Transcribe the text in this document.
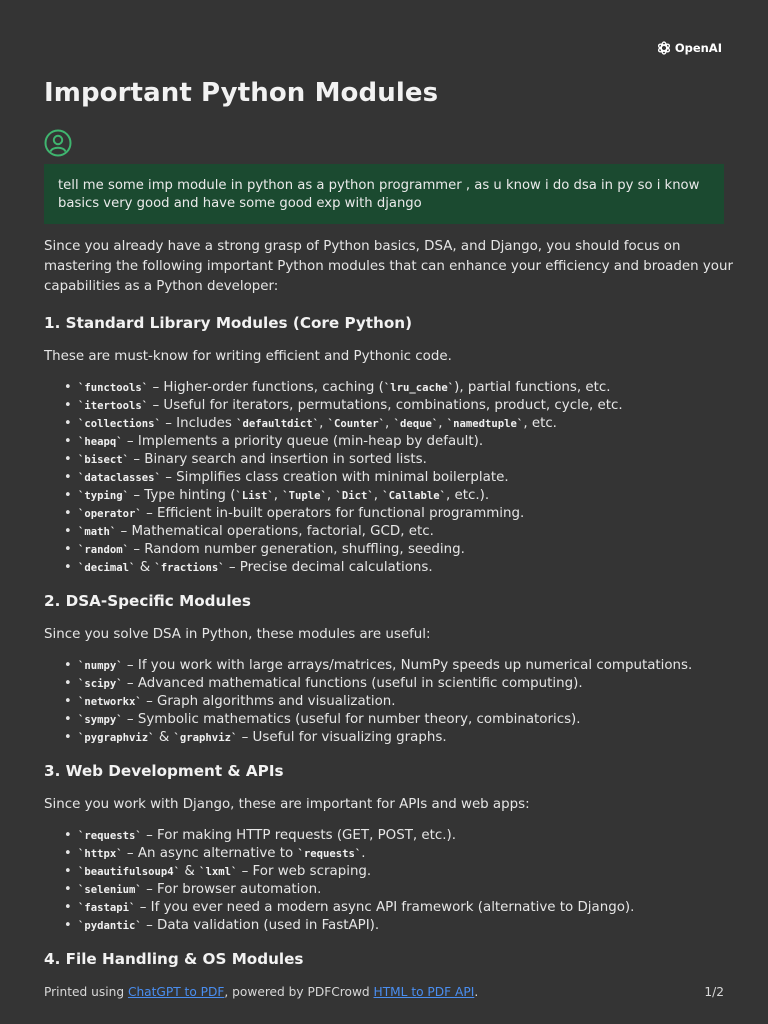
OpenAI
Important Python Modules
tell me some imp module in python as a python programmer , as u know i do dsa in py so i know basics very good and have some good exp with django

Since you already have a strong grasp of Python basics, DSA, and Django, you should focus on mastering the following important Python modules that can enhance your efficiency and broaden your capabilities as a Python developer:

1. Standard Library Modules (Core Python)

These are must-know for writing efficient and Pythonic code.

• `functools` – Higher-order functions, caching (`lru_cache`), partial functions, etc.
• `itertools` – Useful for iterators, permutations, combinations, product, cycle, etc.
• `collections` – Includes `defaultdict`, `Counter`, `deque`, `namedtuple`, etc.
• `heapq` – Implements a priority queue (min-heap by default).
• `bisect` – Binary search and insertion in sorted lists.
• `dataclasses` – Simplifies class creation with minimal boilerplate.
• `typing` – Type hinting (`List`, `Tuple`, `Dict`, `Callable`, etc.).
• `operator` – Efficient in-built operators for functional programming.
• `math` – Mathematical operations, factorial, GCD, etc.
• `random` – Random number generation, shuffling, seeding.
• `decimal` & `fractions` – Precise decimal calculations.
2. DSA-Specific Modules

Since you solve DSA in Python, these modules are useful:

• `numpy` – If you work with large arrays/matrices, NumPy speeds up numerical computations.
• `scipy` – Advanced mathematical functions (useful in scientific computing).
• `networkx` – Graph algorithms and visualization.
• `sympy` – Symbolic mathematics (useful for number theory, combinatorics).
• `pygraphviz` & `graphviz` – Useful for visualizing graphs.
3. Web Development & APIs

Since you work with Django, these are important for APIs and web apps:

• `requests` – For making HTTP requests (GET, POST, etc.).
• `httpx` – An async alternative to `requests`.
• `beautifulsoup4` & `lxml` – For web scraping.
• `selenium` – For browser automation.
• `fastapi` – If you ever need a modern async API framework (alternative to Django).
• `pydantic` – Data validation (used in FastAPI).
4. File Handling & OS Modules
Printed using ChatGPT to PDF, powered by PDFCrowd HTML to PDF API.	1/2
